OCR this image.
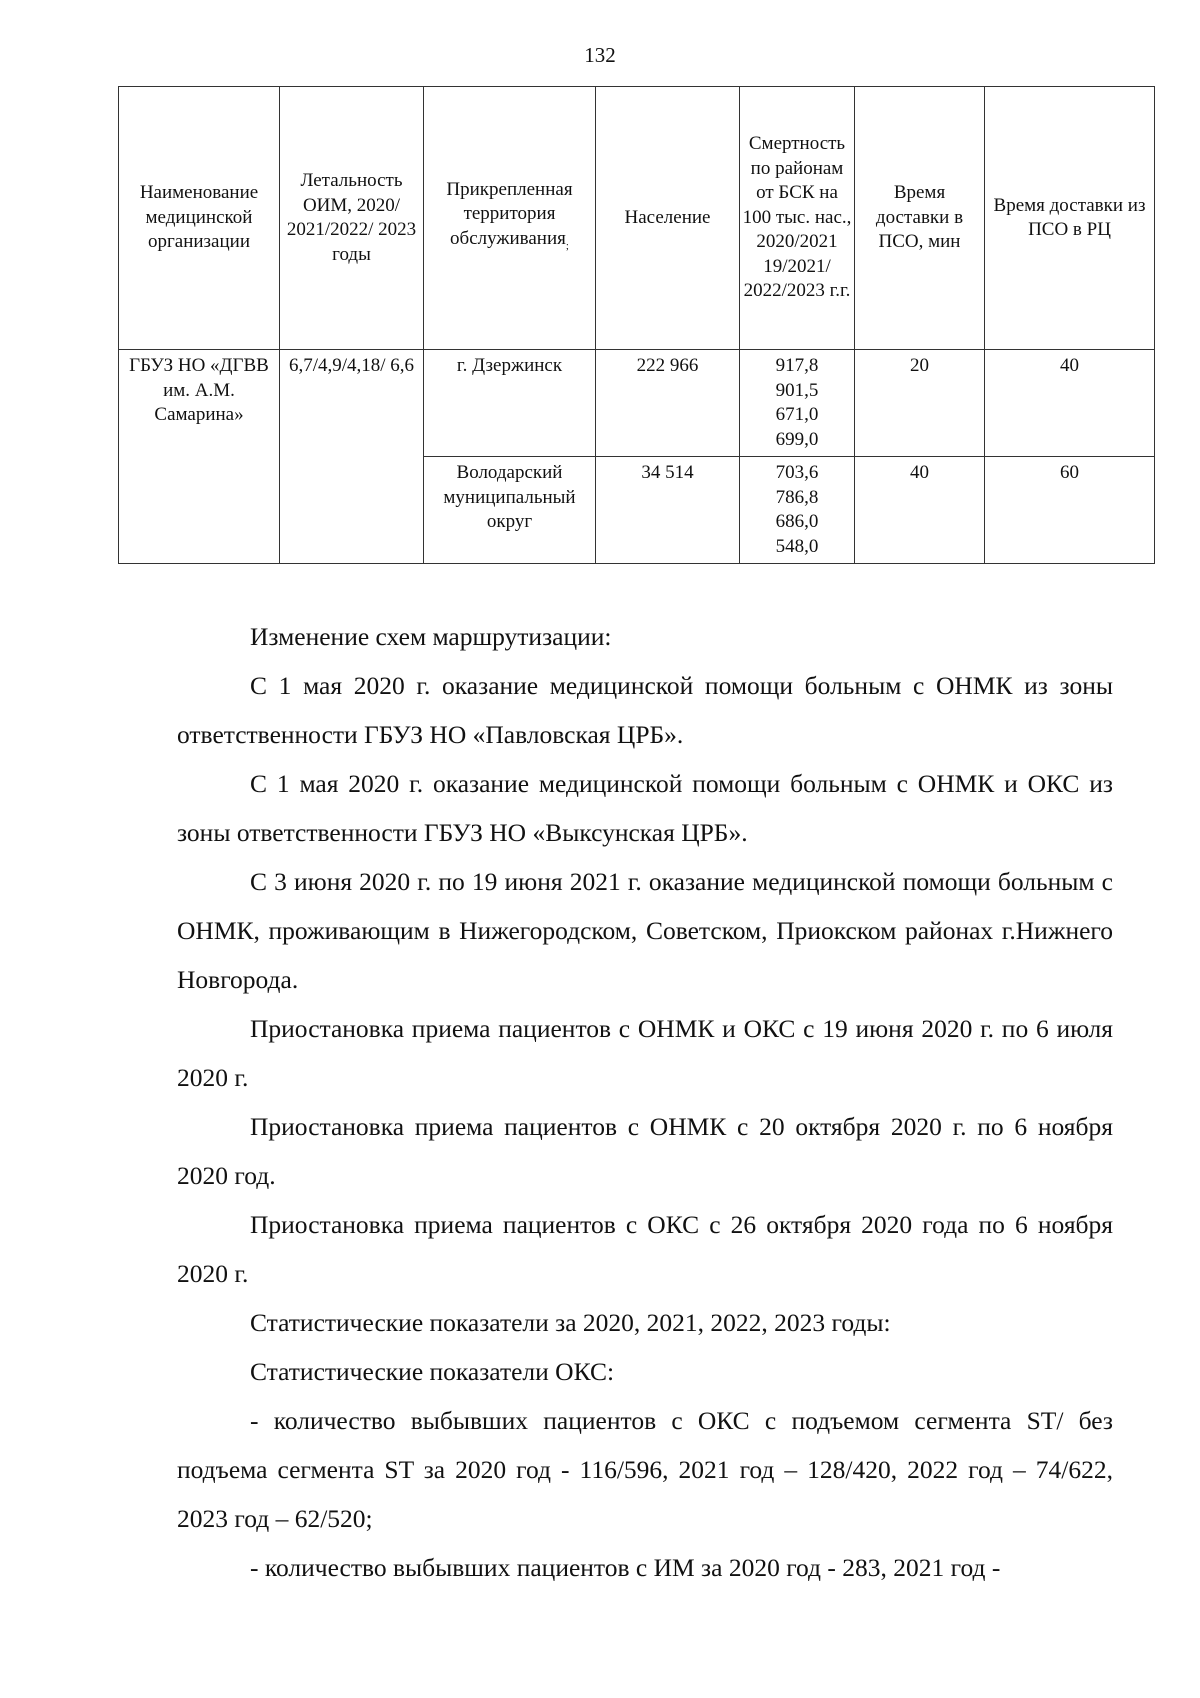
132
Наименование медицинской организации	Летальность ОИМ, 2020/ 2021/2022/ 2023 годы	Прикрепленная территория обслуживания$_;$	Население	Смертность по районам от БСК на 100 тыс. нас., 2020/2021 19/2021/ 2022/2023 г.г.	Время доставки в ПСО, мин	Время доставки из ПСО в РЦ
ГБУЗ НО «ДГВВ им. А.М. Самарина»	6,7/4,9/4,18/ 6,6	г. Дзержинск	222 966	917,8
901,5
671,0
699,0	20	40
		Володарский муниципальный округ	34 514	703,6
786,8
686,0
548,0	40	60

Изменение схем маршрутизации:

С 1 мая 2020 г. оказание медицинской помощи больным с ОНМК из зоны ответственности ГБУЗ НО «Павловская ЦРБ».

С 1 мая 2020 г. оказание медицинской помощи больным с ОНМК и ОКС из зоны ответственности ГБУЗ НО «Выксунская ЦРБ».

С 3 июня 2020 г. по 19 июня 2021 г. оказание медицинской помощи больным с ОНМК, проживающим в Нижегородском, Советском, Приокском районах г.Нижнего Новгорода.

Приостановка приема пациентов с ОНМК и ОКС с 19 июня 2020 г. по 6 июля 2020 г.

Приостановка приема пациентов с ОНМК с 20 октября 2020 г. по 6 ноября 2020 год.

Приостановка приема пациентов с ОКС с 26 октября 2020 года по 6 ноября 2020 г.

Статистические показатели за 2020, 2021, 2022, 2023 годы:

Статистические показатели ОКС:

- количество выбывших пациентов с ОКС с подъемом сегмента ST/ без подъема сегмента ST за 2020 год - 116/596, 2021 год – 128/420, 2022 год – 74/622, 2023 год – 62/520;

- количество выбывших пациентов с ИМ за 2020 год - 283, 2021 год -
